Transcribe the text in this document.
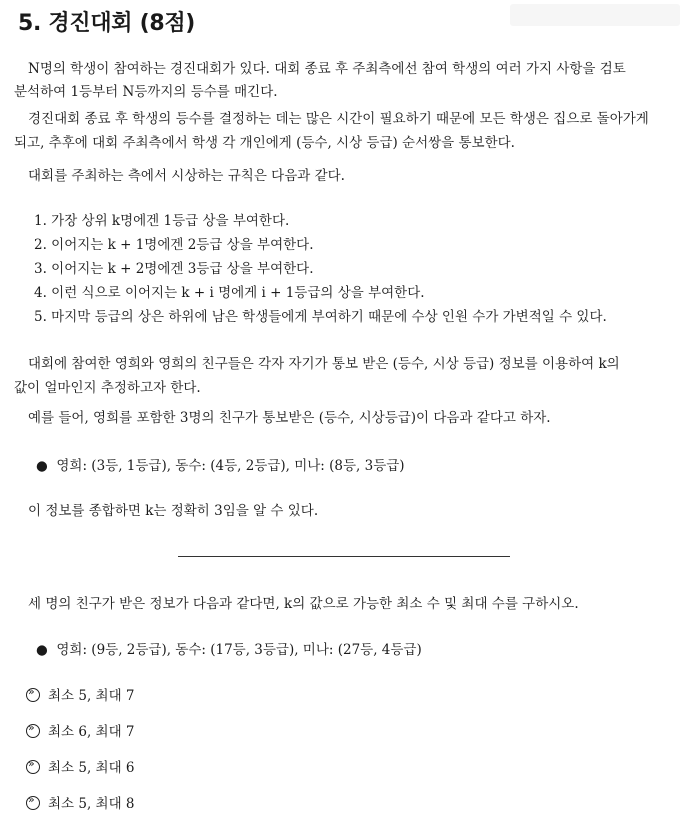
5. 경진대회 (8점)
N명의 학생이 참여하는 경진대회가 있다. 대회 종료 후 주최측에선 참여 학생의 여러 가지 사항을 검토
분석하여 1등부터 N등까지의 등수를 매긴다.
경진대회 종료 후 학생의 등수를 결정하는 데는 많은 시간이 필요하기 때문에 모든 학생은 집으로 돌아가게
되고, 추후에 대회 주최측에서 학생 각 개인에게 (등수, 시상 등급) 순서쌍을 통보한다.
대회를 주최하는 측에서 시상하는 규칙은 다음과 같다.
1. 가장 상위 k명에겐 1등급 상을 부여한다.
2. 이어지는 k + 1명에겐 2등급 상을 부여한다.
3. 이어지는 k + 2명에겐 3등급 상을 부여한다.
4. 이런 식으로 이어지는 k + i 명에게 i + 1등급의 상을 부여한다.
5. 마지막 등급의 상은 하위에 남은 학생들에게 부여하기 때문에 수상 인원 수가 가변적일 수 있다.
대회에 참여한 영희와 영희의 친구들은 각자 자기가 통보 받은 (등수, 시상 등급) 정보를 이용하여 k의
값이 얼마인지 추정하고자 한다.
예를 들어, 영희를 포함한 3명의 친구가 통보받은 (등수, 시상등급)이 다음과 같다고 하자.
●  영희: (3등, 1등급), 동수: (4등, 2등급), 미나: (8등, 3등급)
이 정보를 종합하면 k는 정확히 3임을 알 수 있다.
세 명의 친구가 받은 정보가 다음과 같다면, k의 값으로 가능한 최소 수 및 최대 수를 구하시오.
●  영희: (9등, 2등급), 동수: (17등, 3등급), 미나: (27등, 4등급)
»최소 5, 최대 7
»최소 6, 최대 7
»최소 5, 최대 6
»최소 5, 최대 8
